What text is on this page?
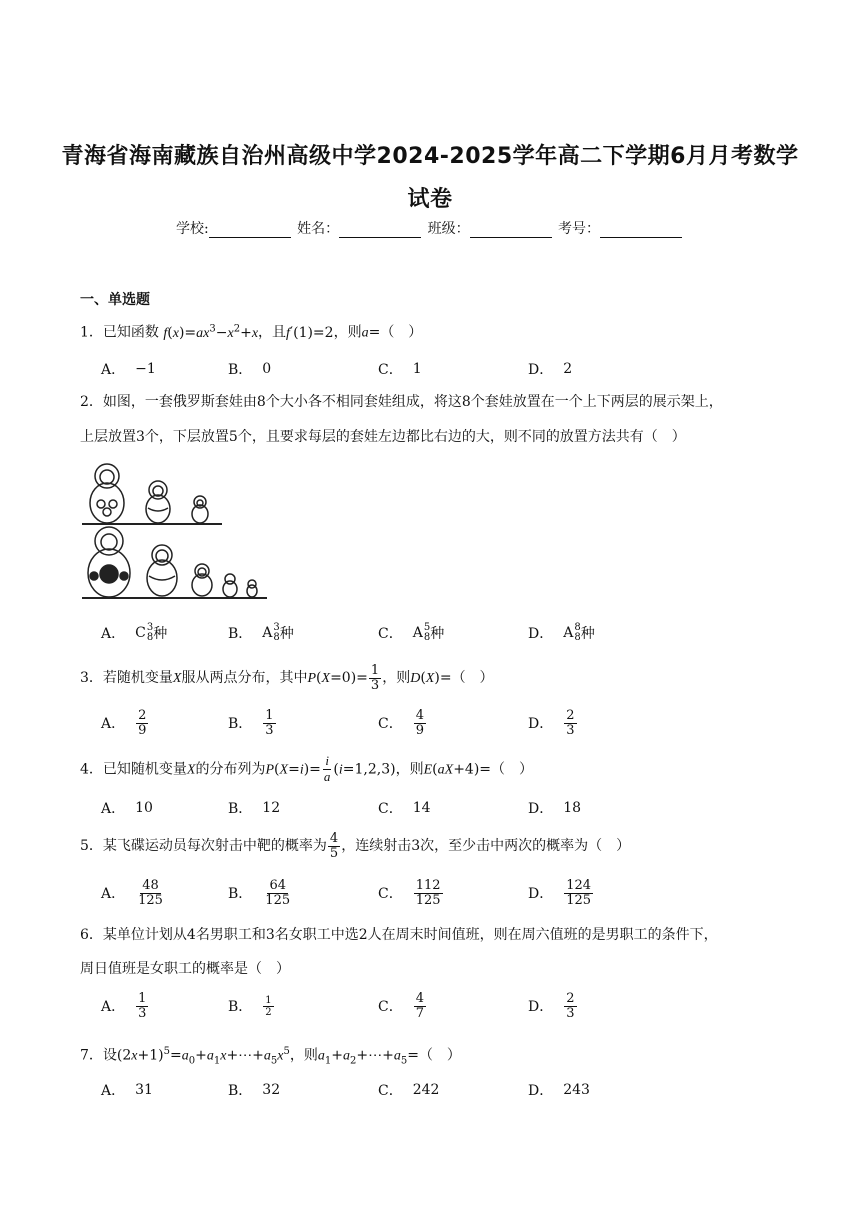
青海省海南藏族自治州高级中学2024-2025学年高二下学期6月月考数学
试卷
学校:	姓名：	班级：	考号：
一、单选题
1．已知函数 $f(x)=ax^3-x^2+x$，且f′(1)=2，则a=（　）
A． −1	B． 0	C． 1	D． 2
2．如图，一套俄罗斯套娃由8个大小各不相同套娃组成，将这8个套娃放置在一个上下两层的展示架上，
上层放置3个，下层放置5个，且要求每层的套娃左边都比右边的大，则不同的放置方法共有（　）
A． C 3
8 种	B． A 3
8 种	C． A 5
8 种	D． A 8
8 种
3．若随机变量X服从两点分布，其中$P(X=0)= \frac{1}{3}$ ，则D(X)=（　）
A． $\frac{2}{9}$	B． $\frac{1}{3}$	C． $\frac{4}{9}$	D． $\frac{2}{3}$
4．已知随机变量X的分布列为$P(X=i)= \frac{i}{a} (i=1,2,3)$，则E(aX+4)=（　）
A． 10	B． 12	C． 14	D． 18
5．某飞碟运动员每次射击中靶的概率为 $\frac{4}{5}$ ，连续射击3次，至少击中两次的概率为（　）
A． $\frac{48}{125}$	B． $\frac{64}{125}$	C． $\frac{112}{125}$	D． $\frac{124}{125}$
6．某单位计划从4名男职工和3名女职工中选2人在周末时间值班，则在周六值班的是男职工的条件下，
周日值班是女职工的概率是（　）
A． $\frac{1}{3}$	B． $\frac{1}{2}$	C． $\frac{4}{7}$	D． $\frac{2}{3}$
7．设$(2x+1)^5=a_0+a_1x+\cdots+a_5x^5$，则$a_1+a_2+\cdots+a_5=$（　）
A． 31	B． 32	C． 242	D． 243
